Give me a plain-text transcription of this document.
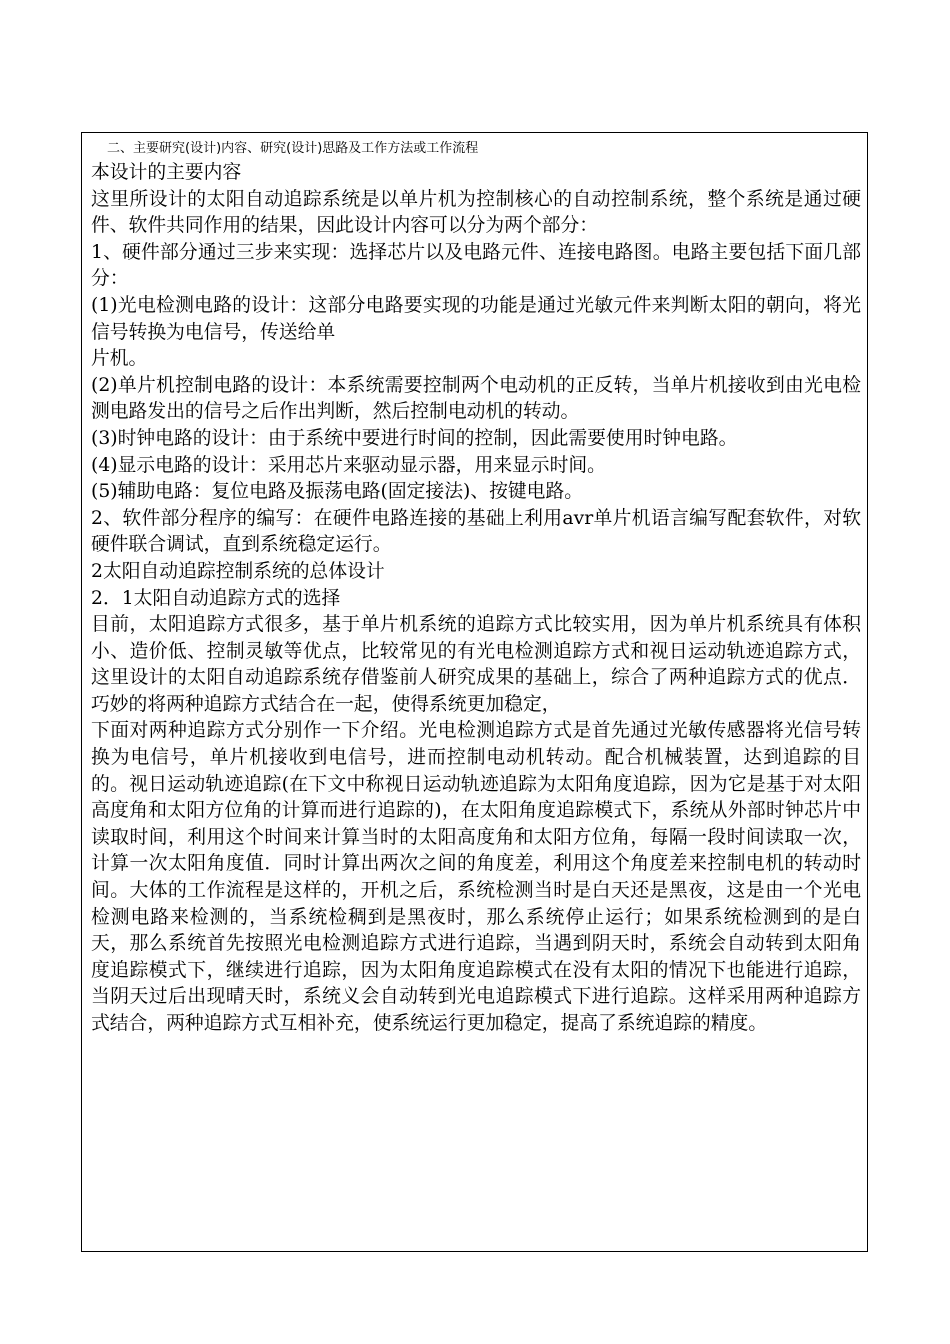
二、主要研究(设计)内容、研究(设计)思路及工作方法或工作流程

本设计的主要内容

这里所设计的太阳自动追踪系统是以单片机为控制核心的自动控制系统，整个系统是通过硬件、软件共同作用的结果，因此设计内容可以分为两个部分：

1、硬件部分通过三步来实现：选择芯片以及电路元件、连接电路图。电路主要包括下面几部分：

(1)光电检测电路的设计：这部分电路要实现的功能是通过光敏元件来判断太阳的朝向，将光信号转换为电信号，传送给单

片机。

(2)单片机控制电路的设计：本系统需要控制两个电动机的正反转，当单片机接收到由光电检测电路发出的信号之后作出判断，然后控制电动机的转动。

(3)时钟电路的设计：由于系统中要进行时间的控制，因此需要使用时钟电路。

(4)显示电路的设计：采用芯片来驱动显示器，用来显示时间。

(5)辅助电路：复位电路及振荡电路(固定接法)、按键电路。

2、软件部分程序的编写：在硬件电路连接的基础上利用avr单片机语言编写配套软件，对软硬件联合调试，直到系统稳定运行。

2太阳自动追踪控制系统的总体设计

2．1太阳自动追踪方式的选择

目前，太阳追踪方式很多，基于单片机系统的追踪方式比较实用，因为单片机系统具有体积小、造价低、控制灵敏等优点，比较常见的有光电检测追踪方式和视日运动轨迹追踪方式，这里设计的太阳自动追踪系统存借鉴前人研究成果的基础上，综合了两种追踪方式的优点．巧妙的将两种追踪方式结合在一起，使得系统更加稳定，

下面对两种追踪方式分别作一下介绍。光电检测追踪方式是首先通过光敏传感器将光信号转换为电信号，单片机接收到电信号，进而控制电动机转动。配合机械装置，达到追踪的目的。视日运动轨迹追踪(在下文中称视日运动轨迹追踪为太阳角度追踪，因为它是基于对太阳高度角和太阳方位角的计算而进行追踪的)，在太阳角度追踪模式下，系统从外部时钟芯片中读取时间，利用这个时间来计算当时的太阳高度角和太阳方位角，每隔一段时间读取一次，计算一次太阳角度值．同时计算出两次之间的角度差，利用这个角度差来控制电机的转动时间。大体的工作流程是这样的，开机之后，系统检测当时是白天还是黑夜，这是由一个光电检测电路来检测的，当系统检稠到是黑夜时，那么系统停止运行；如果系统检测到的是白天，那么系统首先按照光电检测追踪方式进行追踪，当遇到阴天时，系统会自动转到太阳角度追踪模式下，继续进行追踪，因为太阳角度追踪模式在没有太阳的情况下也能进行追踪，当阴天过后出现晴天时，系统义会自动转到光电追踪模式下进行追踪。这样采用两种追踪方式结合，两种追踪方式互相补充，使系统运行更加稳定，提高了系统追踪的精度。
